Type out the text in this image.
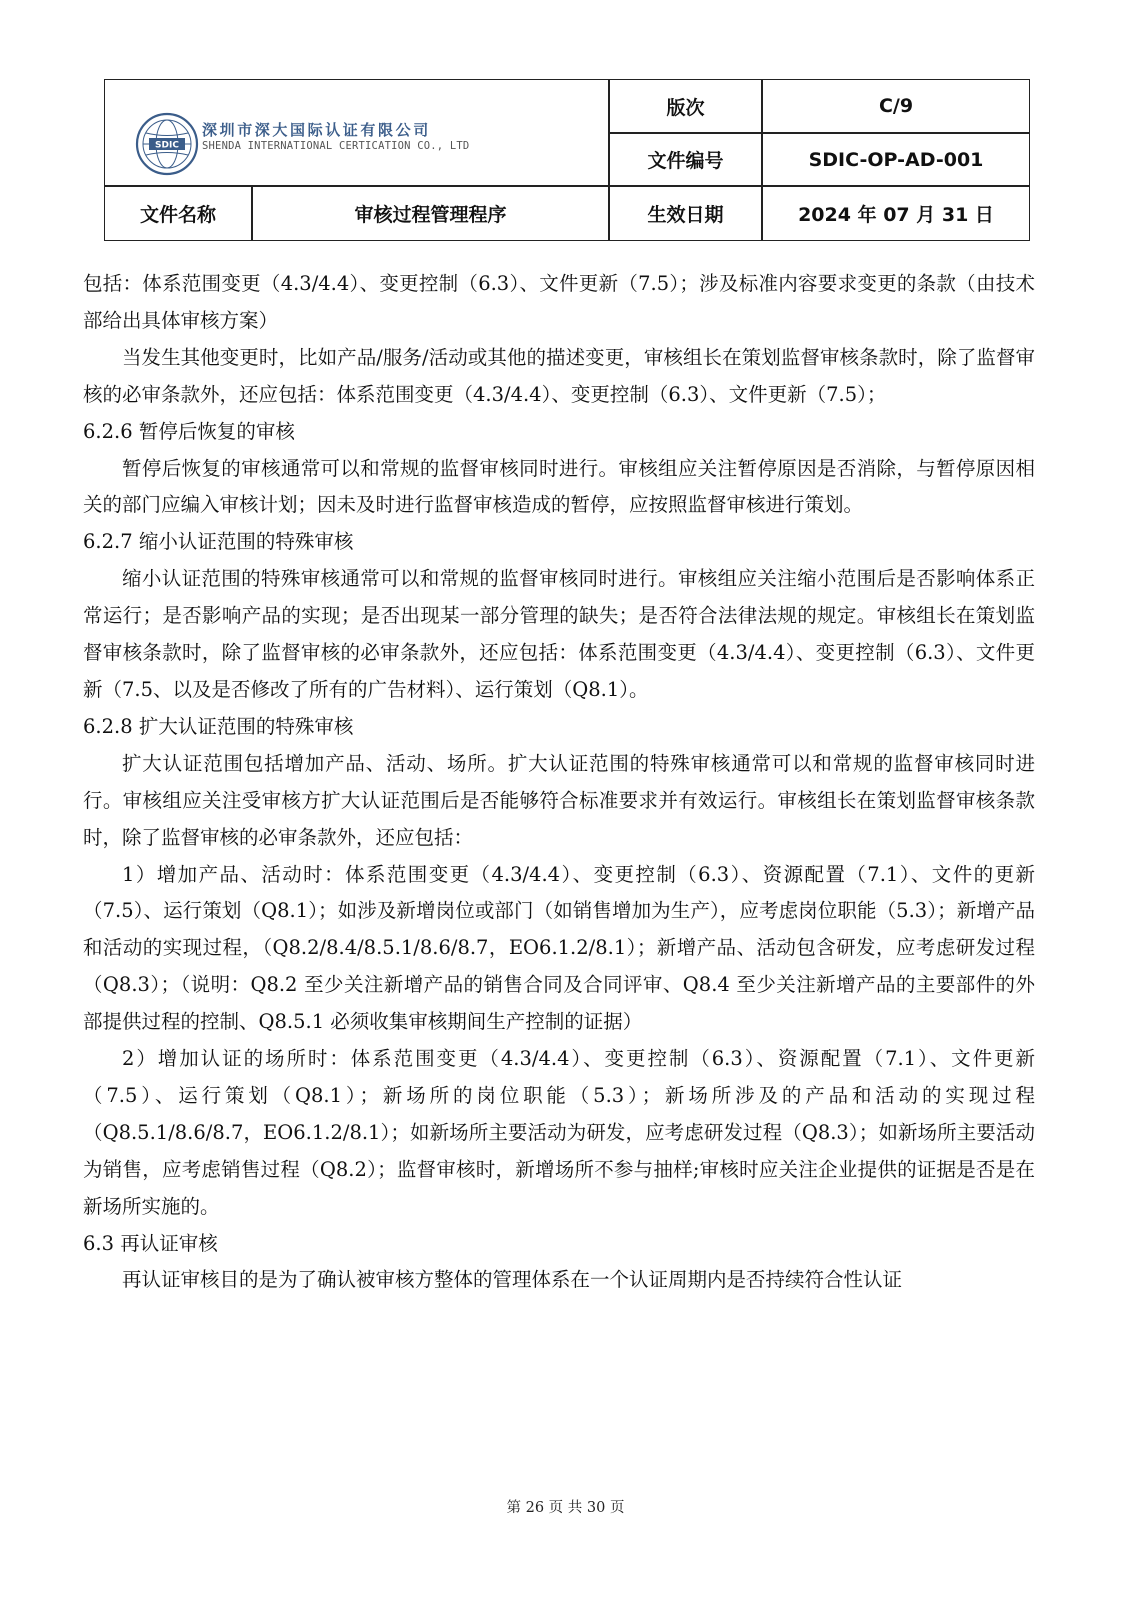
SDIC
深圳市深大国际认证有限公司
SHENDA INTERNATIONAL CERTICATION CO., LTD
版次	C/9
文件编号	SDIC-OP-AD-001
文件名称	审核过程管理程序	生效日期	2024 年 07 月 31 日

包括：体系范围变更（4.3/4.4）、变更控制（6.3）、文件更新（7.5）；涉及标准内容要求变更的条款（由技术部给出具体审核方案）

当发生其他变更时，比如产品/服务/活动或其他的描述变更，审核组长在策划监督审核条款时，除了监督审核的必审条款外，还应包括：体系范围变更（4.3/4.4）、变更控制（6.3）、文件更新（7.5）；

6.2.6 暂停后恢复的审核

暂停后恢复的审核通常可以和常规的监督审核同时进行。审核组应关注暂停原因是否消除，与暂停原因相关的部门应编入审核计划；因未及时进行监督审核造成的暂停，应按照监督审核进行策划。

6.2.7 缩小认证范围的特殊审核

缩小认证范围的特殊审核通常可以和常规的监督审核同时进行。审核组应关注缩小范围后是否影响体系正常运行；是否影响产品的实现；是否出现某一部分管理的缺失；是否符合法律法规的规定。审核组长在策划监督审核条款时，除了监督审核的必审条款外，还应包括：体系范围变更（4.3/4.4）、变更控制（6.3）、文件更新（7.5、以及是否修改了所有的广告材料）、运行策划（Q8.1）。

6.2.8 扩大认证范围的特殊审核

扩大认证范围包括增加产品、活动、场所。扩大认证范围的特殊审核通常可以和常规的监督审核同时进行。审核组应关注受审核方扩大认证范围后是否能够符合标准要求并有效运行。审核组长在策划监督审核条款时，除了监督审核的必审条款外，还应包括：

1）增加产品、活动时：体系范围变更（4.3/4.4）、变更控制（6.3）、资源配置（7.1）、文件的更新（7.5）、运行策划（Q8.1）；如涉及新增岗位或部门（如销售增加为生产），应考虑岗位职能（5.3）；新增产品和活动的实现过程，（Q8.2/8.4/8.5.1/8.6/8.7，EO6.1.2/8.1）；新增产品、活动包含研发，应考虑研发过程（Q8.3）；（说明：Q8.2 至少关注新增产品的销售合同及合同评审、Q8.4 至少关注新增产品的主要部件的外部提供过程的控制、Q8.5.1 必须收集审核期间生产控制的证据）

2）增加认证的场所时：体系范围变更（4.3/4.4）、变更控制（6.3）、资源配置（7.1）、文件更新（7.5）、运行策划（Q8.1）；新场所的岗位职能（5.3）；新场所涉及的产品和活动的实现过程（Q8.5.1/8.6/8.7，EO6.1.2/8.1）；如新场所主要活动为研发，应考虑研发过程（Q8.3）；如新场所主要活动为销售，应考虑销售过程（Q8.2）；监督审核时，新增场所不参与抽样;审核时应关注企业提供的证据是否是在新场所实施的。

6.3 再认证审核

再认证审核目的是为了确认被审核方整体的管理体系在一个认证周期内是否持续符合性认证

第 26 页 共 30 页
